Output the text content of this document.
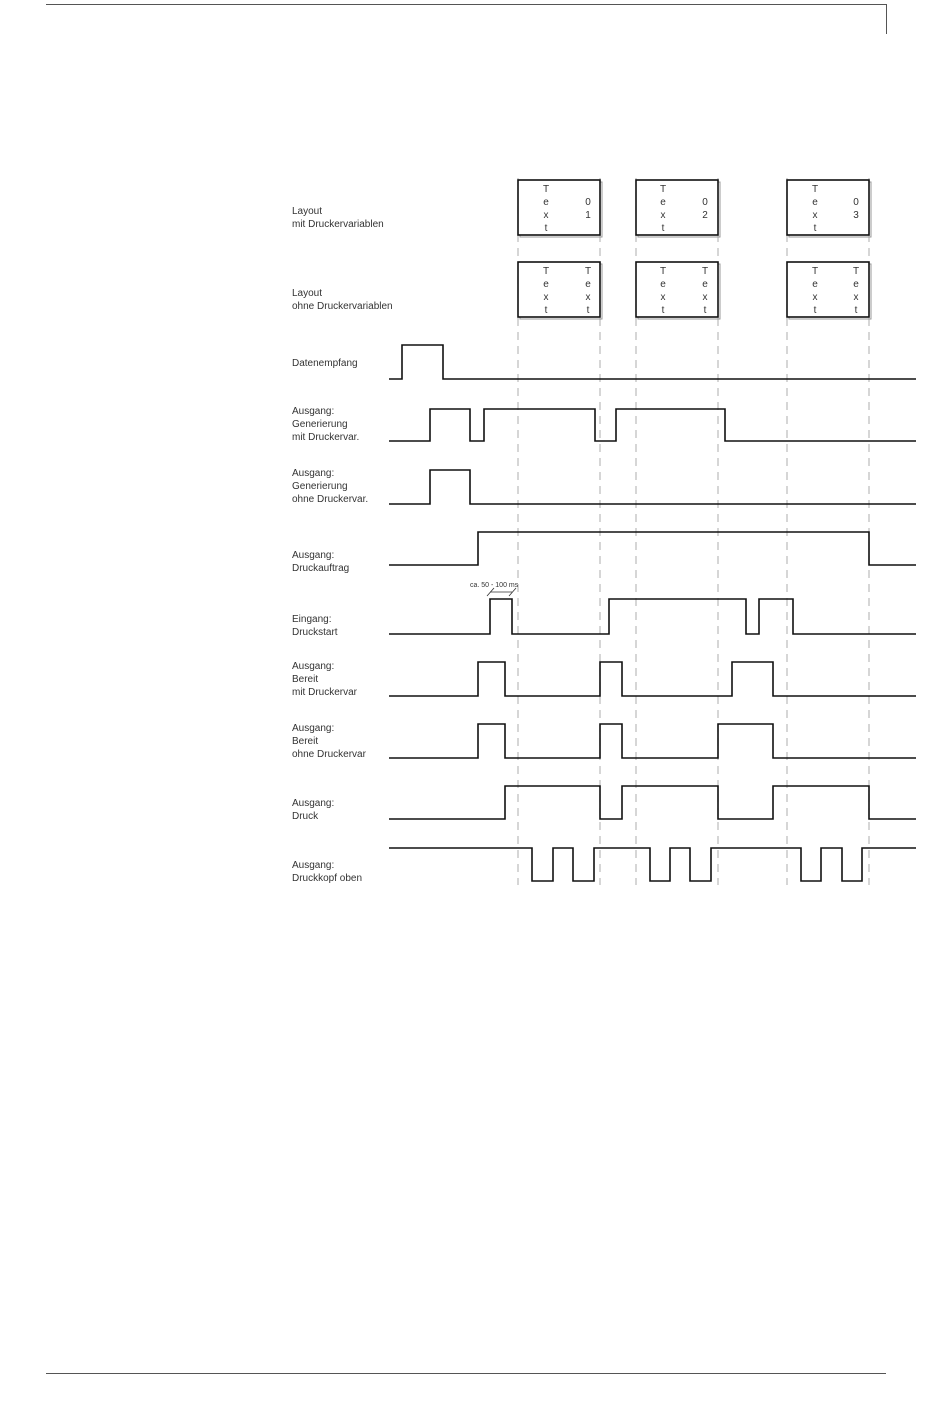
Layout mit Druckervariablen
T
e
x
t
0
1
T
e
x
t
0
2
T
e
x
t
0
3
Layout ohne Druckervariablen
T
e
x
t
T
e
x
t
T
e
x
t
T
e
x
t
T
e
x
t
T
e
x
t
Datenempfang
Ausgang: Generierung mit Druckervar.
Ausgang: Generierung ohne Druckervar.
Ausgang: Druckauftrag
Eingang: Druckstart
Ausgang: Bereit mit Druckervar
Ausgang: Bereit ohne Druckervar
Ausgang: Druck
Ausgang: Druckkopf oben
ca. 50 - 100 ms
